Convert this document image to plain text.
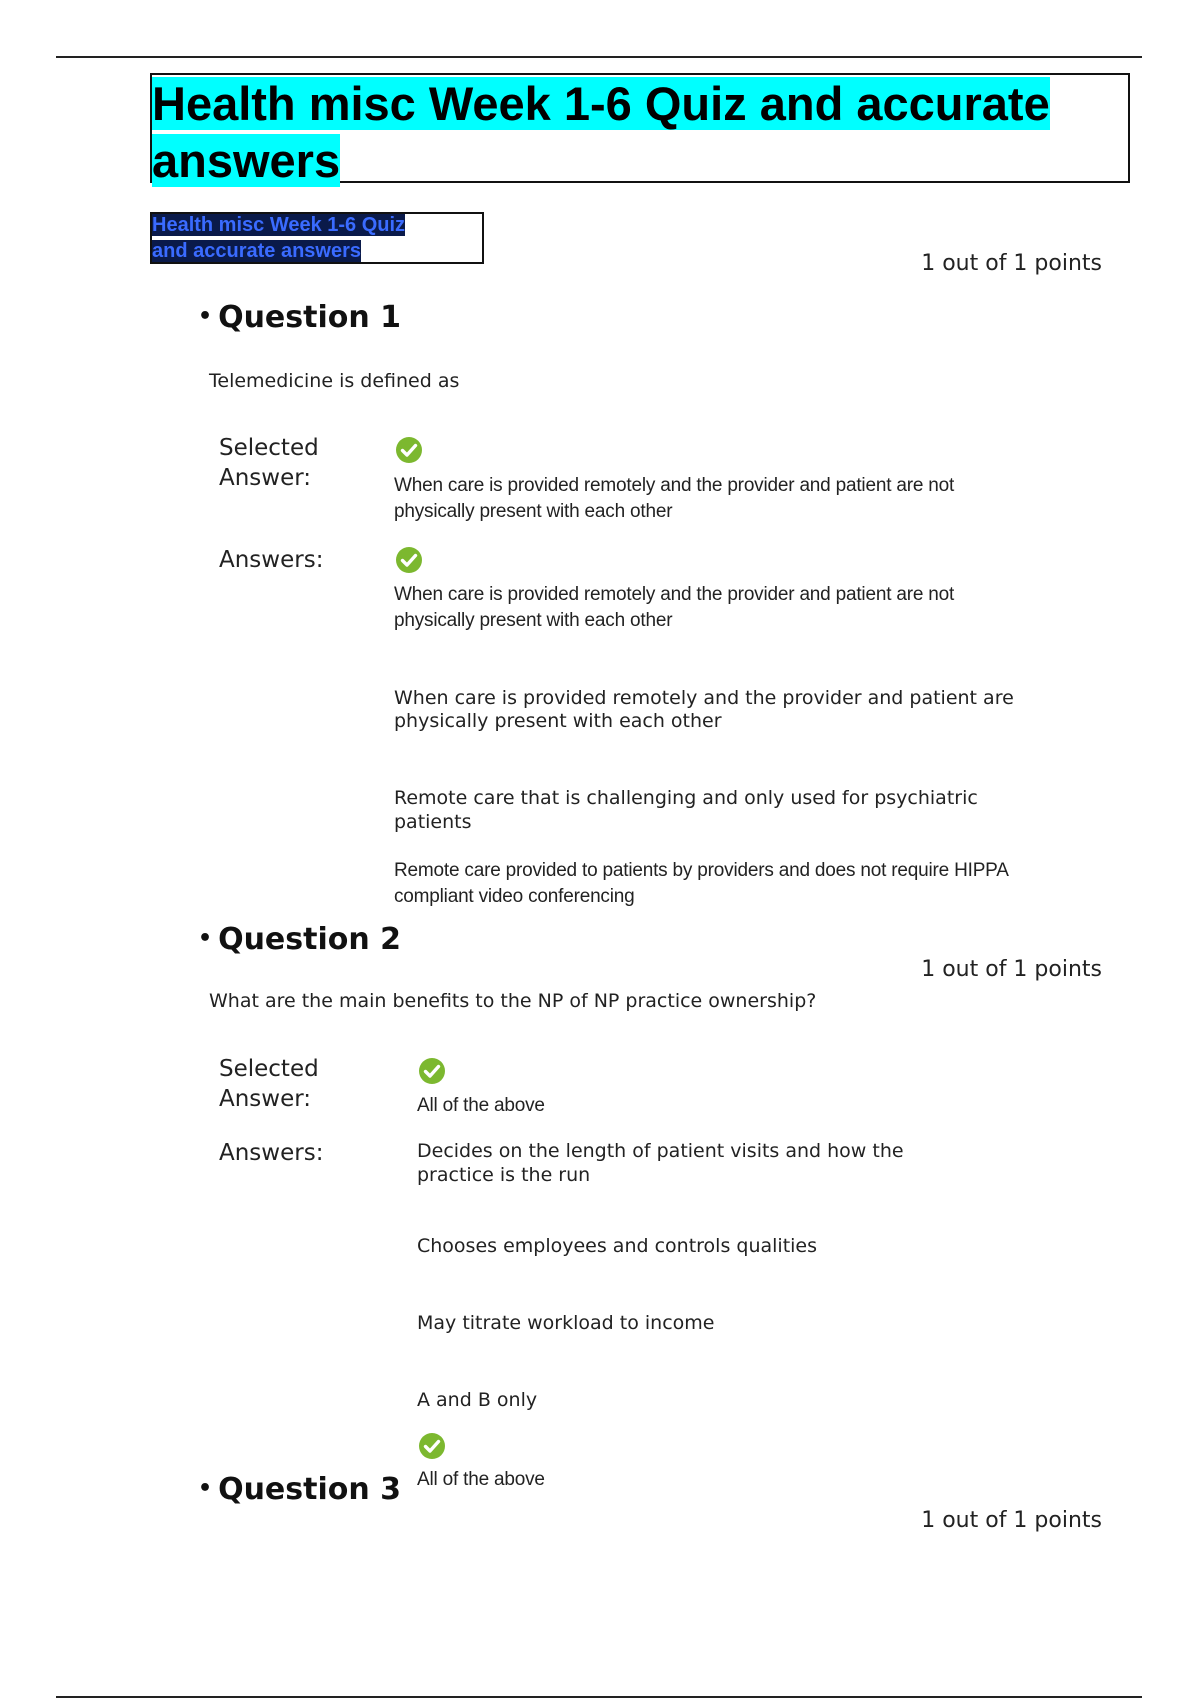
Health misc Week 1-6 Quiz and accurate answers
Health misc Week 1-6 Quiz
and accurate answers	1 out of 1 points
• Question 1
Telemedicine is defined as
Selected
Answer:	When care is provided remotely and the provider and patient are not
physically present with each other
Answers:
When care is provided remotely and the provider and patient are not
physically present with each other
When care is provided remotely and the provider and patient are
physically present with each other
Remote care that is challenging and only used for psychiatric
patients
Remote care provided to patients by providers and does not require HIPPA
compliant video conferencing
• Question 2
1 out of 1 points
What are the main benefits to the NP of NP practice ownership?
Selected
Answer:	All of the above
Answers:	Decides on the length of patient visits and how the
practice is the run
Chooses employees and controls qualities
May titrate workload to income
A and B only
All of the above
• Question 3
1 out of 1 points
